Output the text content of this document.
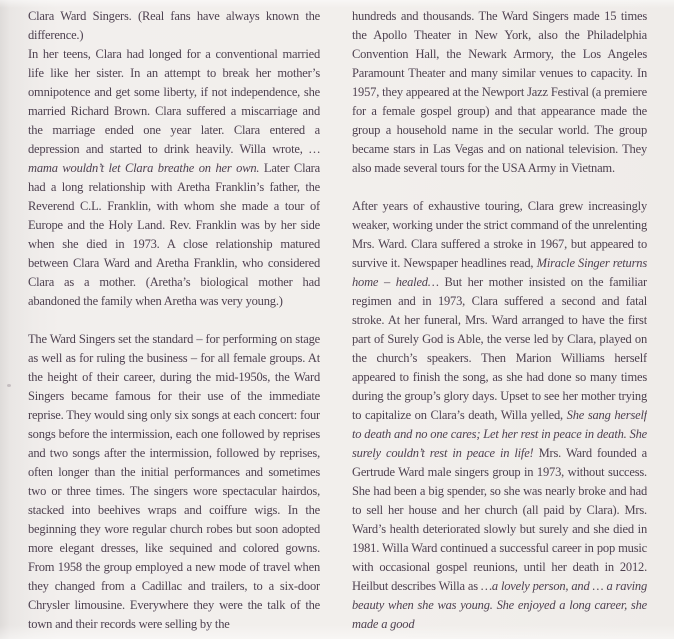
Clara Ward Singers. (Real fans have always known the difference.)

In her teens, Clara had longed for a conventional married life like her sister. In an attempt to break her mother’s omnipotence and get some liberty, if not independence, she married Richard Brown. Clara suffered a miscarriage and the marriage ended one year later. Clara entered a depression and started to drink heavily. Willa wrote, …mama wouldn’t let Clara breathe on her own. Later Clara had a long relationship with Aretha Franklin’s father, the Reverend C.L. Franklin, with whom she made a tour of Europe and the Holy Land. Rev. Franklin was by her side when she died in 1973. A close relationship matured between Clara Ward and Aretha Franklin, who considered Clara as a mother. (Aretha’s biological mother had abandoned the family when Aretha was very young.)

The Ward Singers set the standard – for performing on stage as well as for ruling the business – for all female groups. At the height of their career, during the mid-1950s, the Ward Singers became famous for their use of the immediate reprise. They would sing only six songs at each concert: four songs before the intermission, each one followed by reprises and two songs after the intermission, followed by reprises, often longer than the initial performances and sometimes two or three times. The singers wore spectacular hairdos, stacked into beehives wraps and coiffure wigs. In the beginning they wore regular church robes but soon adopted more elegant dresses, like sequined and colored gowns. From 1958 the group employed a new mode of travel when they changed from a Cadillac and trailers, to a six-door Chrysler limousine. Everywhere they were the talk of the town and their records were selling by the

hundreds and thousands. The Ward Singers made 15 times the Apollo Theater in New York, also the Philadelphia Convention Hall, the Newark Armory, the Los Angeles Paramount Theater and many similar venues to capacity. In 1957, they appeared at the Newport Jazz Festival (a premiere for a female gospel group) and that appearance made the group a household name in the secular world. The group became stars in Las Vegas and on national television. They also made several tours for the USA Army in Vietnam.

After years of exhaustive touring, Clara grew increasingly weaker, working under the strict command of the unrelenting Mrs. Ward. Clara suffered a stroke in 1967, but appeared to survive it. Newspaper headlines read, Miracle Singer returns home – healed… But her mother insisted on the familiar regimen and in 1973, Clara suffered a second and fatal stroke. At her funeral, Mrs. Ward arranged to have the first part of Surely God is Able, the verse led by Clara, played on the church’s speakers. Then Marion Williams herself appeared to finish the song, as she had done so many times during the group’s glory days. Upset to see her mother trying to capitalize on Clara’s death, Willa yelled, She sang herself to death and no one cares; Let her rest in peace in death. She surely couldn’t rest in peace in life! Mrs. Ward founded a Gertrude Ward male singers group in 1973, without success. She had been a big spender, so she was nearly broke and had to sell her house and her church (all paid by Clara). Mrs. Ward’s health deteriorated slowly but surely and she died in 1981. Willa Ward continued a successful career in pop music with occasional gospel reunions, until her death in 2012. Heilbut describes Willa as …a lovely person, and … a raving beauty when she was young. She enjoyed a long career, she made a good
